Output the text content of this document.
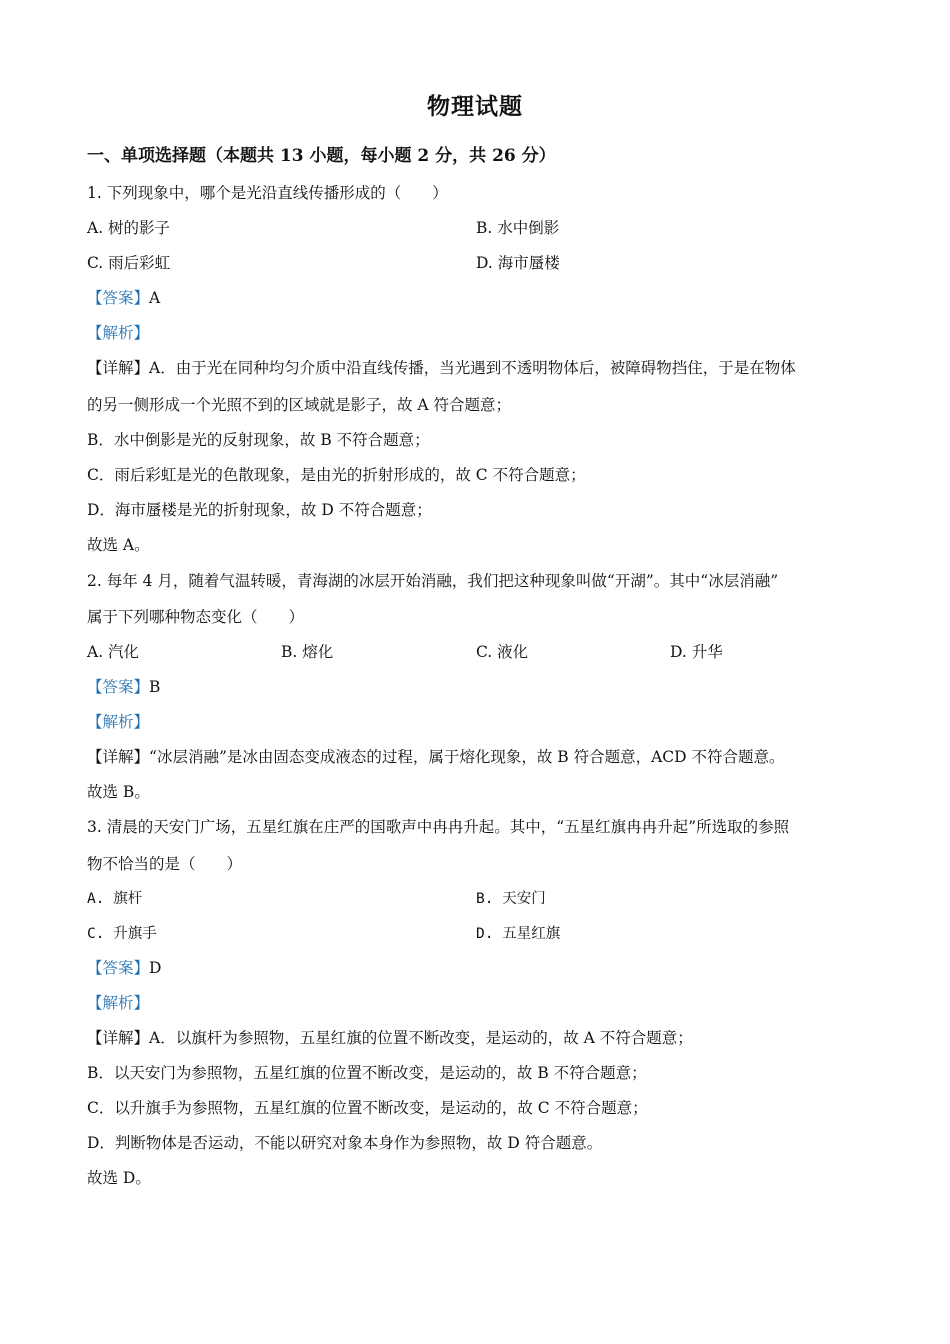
物理试题
一、单项选择题（本题共 13 小题，每小题 2 分，共 26 分）
1. 下列现象中，哪个是光沿直线传播形成的（　　）
A. 树的影子	B. 水中倒影
C. 雨后彩虹	D. 海市蜃楼
【答案】A
【解析】
【详解】A．由于光在同种均匀介质中沿直线传播，当光遇到不透明物体后，被障碍物挡住，于是在物体
的另一侧形成一个光照不到的区域就是影子，故 A 符合题意；
B．水中倒影是光的反射现象，故 B 不符合题意；
C．雨后彩虹是光的色散现象，是由光的折射形成的，故 C 不符合题意；
D．海市蜃楼是光的折射现象，故 D 不符合题意；
故选 A。
2. 每年 4 月，随着气温转暖，青海湖的冰层开始消融，我们把这种现象叫做“开湖”。其中“冰层消融”
属于下列哪种物态变化（　　）
A. 汽化	B. 熔化	C. 液化	D. 升华
【答案】B
【解析】
【详解】“冰层消融”是冰由固态变成液态的过程，属于熔化现象，故 B 符合题意，ACD 不符合题意。
故选 B。
3. 清晨的天安门广场，五星红旗在庄严的国歌声中冉冉升起。其中，“五星红旗冉冉升起”所选取的参照
物不恰当的是（　　）
A. 旗杆	B. 天安门
C. 升旗手	D. 五星红旗
【答案】D
【解析】
【详解】A．以旗杆为参照物，五星红旗的位置不断改变，是运动的，故 A 不符合题意；
B．以天安门为参照物，五星红旗的位置不断改变，是运动的，故 B 不符合题意；
C．以升旗手为参照物，五星红旗的位置不断改变，是运动的，故 C 不符合题意；
D．判断物体是否运动，不能以研究对象本身作为参照物，故 D 符合题意。
故选 D。
